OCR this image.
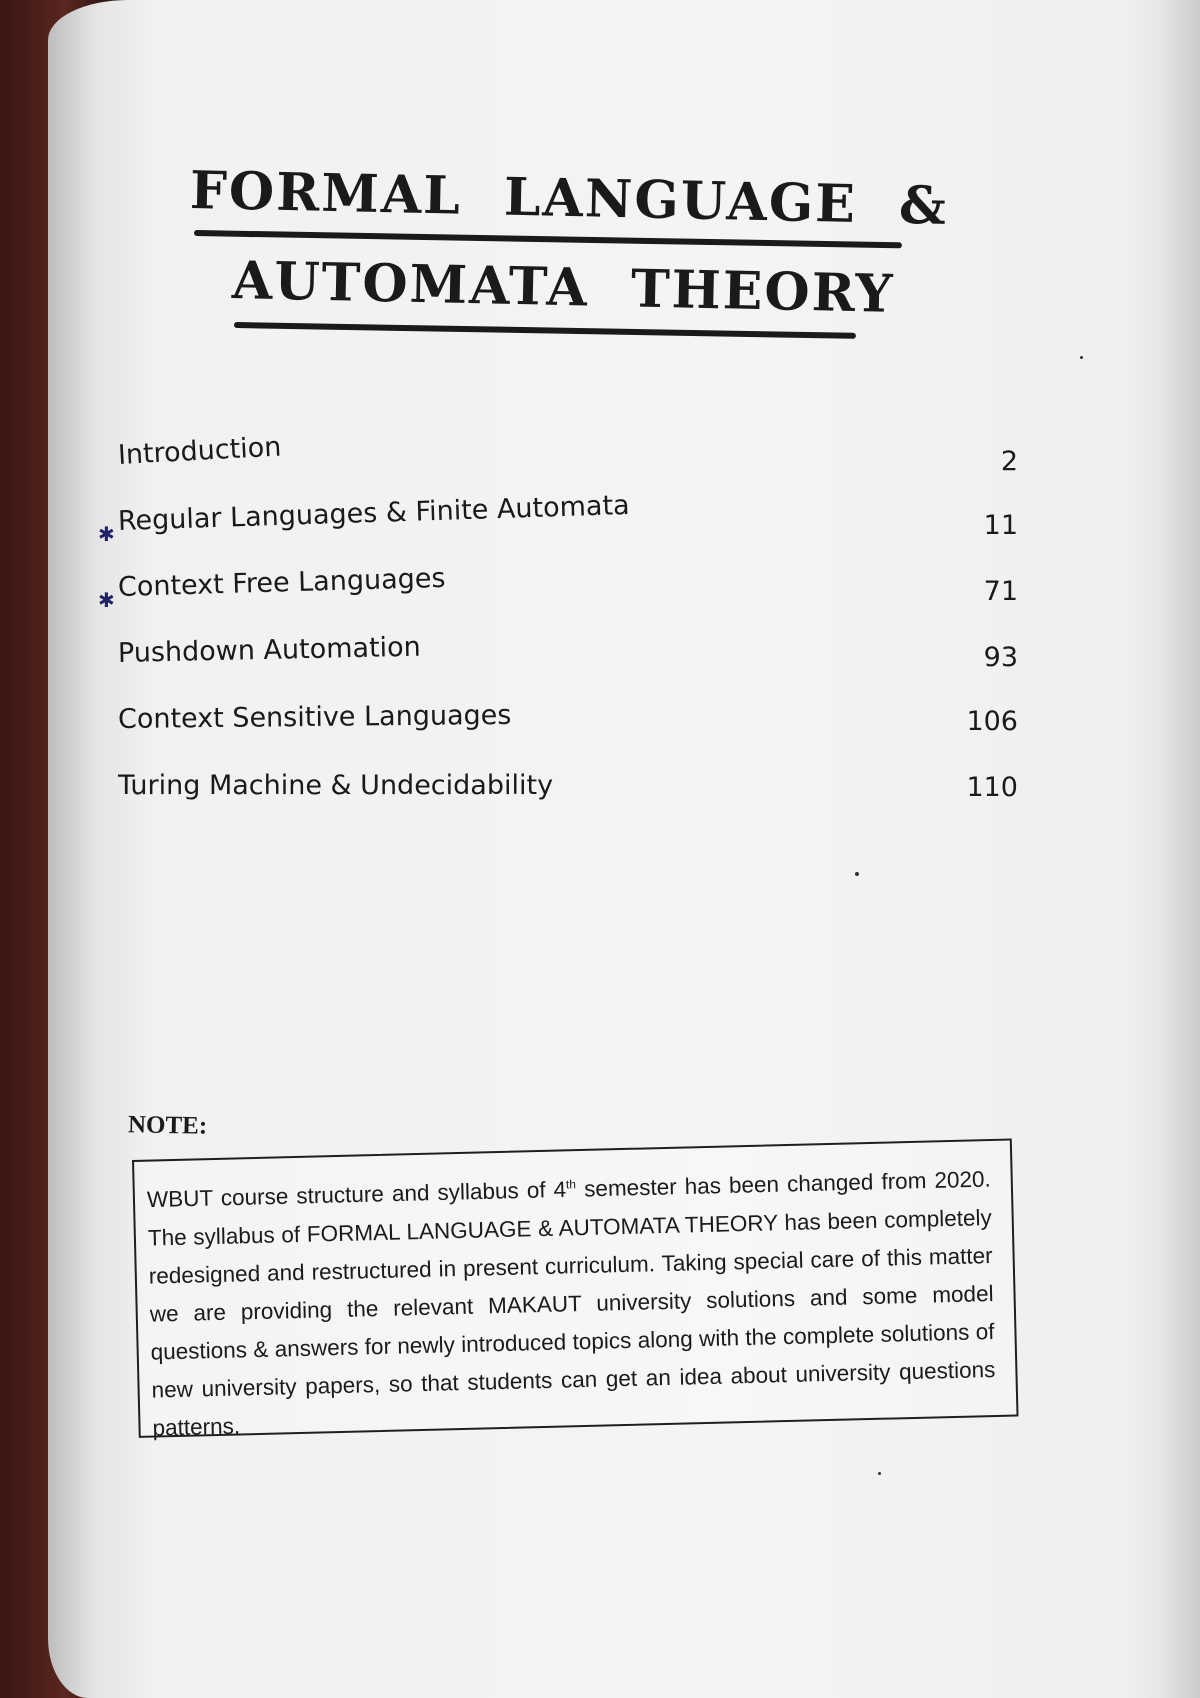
FORMAL LANGUAGE &
AUTOMATA THEORY
Introduction	2
✱ Regular Languages & Finite Automata	11
✱ Context Free Languages	71
Pushdown Automation	93
Context Sensitive Languages	106
Turing Machine & Undecidability	110
NOTE:
WBUT course structure and syllabus of 4th semester has been changed from 2020. The syllabus of FORMAL LANGUAGE & AUTOMATA THEORY has been completely redesigned and restructured in present curriculum. Taking special care of this matter we are providing the relevant MAKAUT university solutions and some model questions & answers for newly introduced topics along with the complete solutions of new university papers, so that students can get an idea about university questions patterns.
